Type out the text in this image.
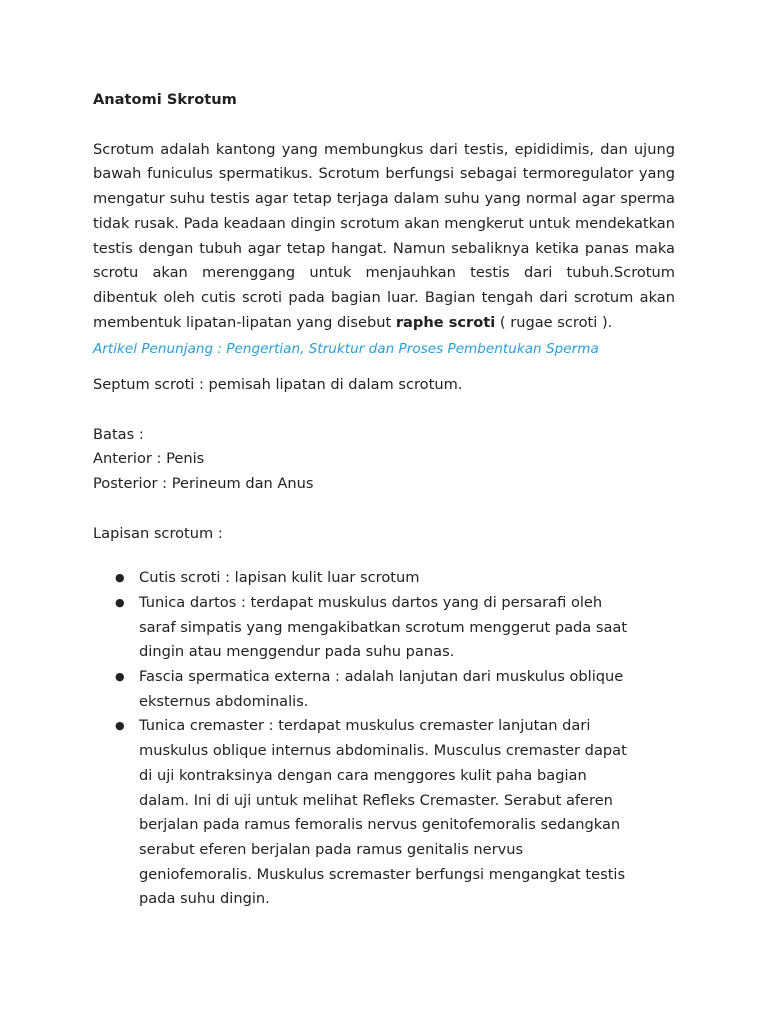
Anatomi Skrotum

Scrotum adalah kantong yang membungkus dari testis, epididimis, dan ujung bawah funiculus spermatikus. Scrotum berfungsi sebagai termoregulator yang mengatur suhu testis agar tetap terjaga dalam suhu yang normal agar sperma tidak rusak. Pada keadaan dingin scrotum akan mengkerut untuk mendekatkan testis dengan tubuh agar tetap hangat. Namun sebaliknya ketika panas maka scrotu akan merenggang untuk menjauhkan testis dari tubuh.Scrotum dibentuk oleh cutis scroti pada bagian luar. Bagian tengah dari scrotum akan membentuk lipatan-lipatan yang disebut raphe scroti ( rugae scroti ).

Artikel Penunjang : Pengertian, Struktur dan Proses Pembentukan Sperma

Septum scroti : pemisah lipatan di dalam scrotum.

Batas :

Anterior : Penis

Posterior : Perineum dan Anus

Lapisan scrotum :

● Cutis scroti : lapisan kulit luar scrotum
● Tunica dartos : terdapat muskulus dartos yang di persarafi oleh saraf simpatis yang mengakibatkan scrotum menggerut pada saat dingin atau menggendur pada suhu panas.
● Fascia spermatica externa : adalah lanjutan dari muskulus oblique eksternus abdominalis.
● Tunica cremaster : terdapat muskulus cremaster lanjutan dari muskulus oblique internus abdominalis. Musculus cremaster dapat di uji kontraksinya dengan cara menggores kulit paha bagian dalam. Ini di uji untuk melihat Refleks Cremaster. Serabut aferen berjalan pada ramus femoralis nervus genitofemoralis sedangkan serabut eferen berjalan pada ramus genitalis nervus geniofemoralis. Muskulus scremaster berfungsi mengangkat testis pada suhu dingin.
